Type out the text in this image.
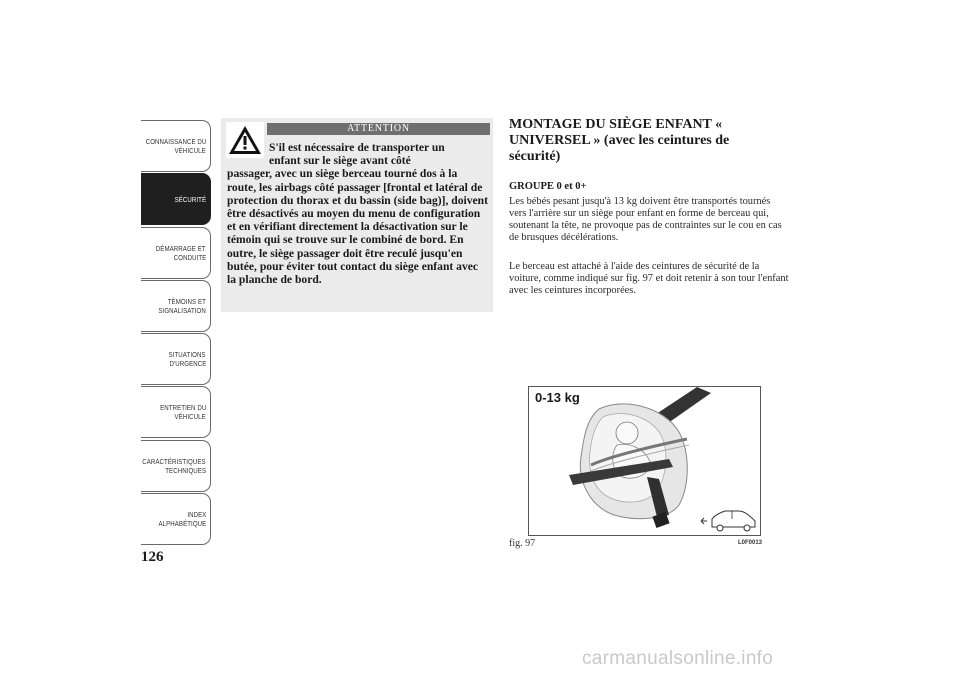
CONNAISSANCE DU
VÉHICULE
SÉCURITÉ
DÉMARRAGE ET
CONDUITE
TÉMOINS ET
SIGNALISATION
SITUATIONS
D'URGENCE
ENTRETIEN DU
VÉHICULE
CARACTÉRISTIQUES
TECHNIQUES
INDEX
ALPHABÉTIQUE
126
ATTENTION
S'il est nécessaire de transporter un
enfant sur le siège avant côté
passager, avec un siège berceau tourné dos à la route, les airbags côté passager [frontal et latéral de protection du thorax et du bassin (side bag)], doivent être désactivés au moyen du menu de configuration et en vérifiant directement la désactivation sur le témoin qui se trouve sur le combiné de bord. En outre, le siège passager doit être reculé jusqu'en butée, pour éviter tout contact du siège enfant avec la planche de bord.
MONTAGE DU SIÈGE ENFANT « UNIVERSEL » (avec les ceintures de sécurité)
GROUPE 0 et 0+
Les bébés pesant jusqu'à 13 kg doivent être transportés tournés vers l'arrière sur un siège pour enfant en forme de berceau qui, soutenant la tête, ne provoque pas de contraintes sur le cou en cas de brusques décélérations.
Le berceau est attaché à l'aide des ceintures de sécurité de la voiture, comme indiqué sur fig. 97 et doit retenir à son tour l'enfant avec les ceintures incorporées.
0-13 kg
fig. 97	L0F0013
carmanualsonline.info
